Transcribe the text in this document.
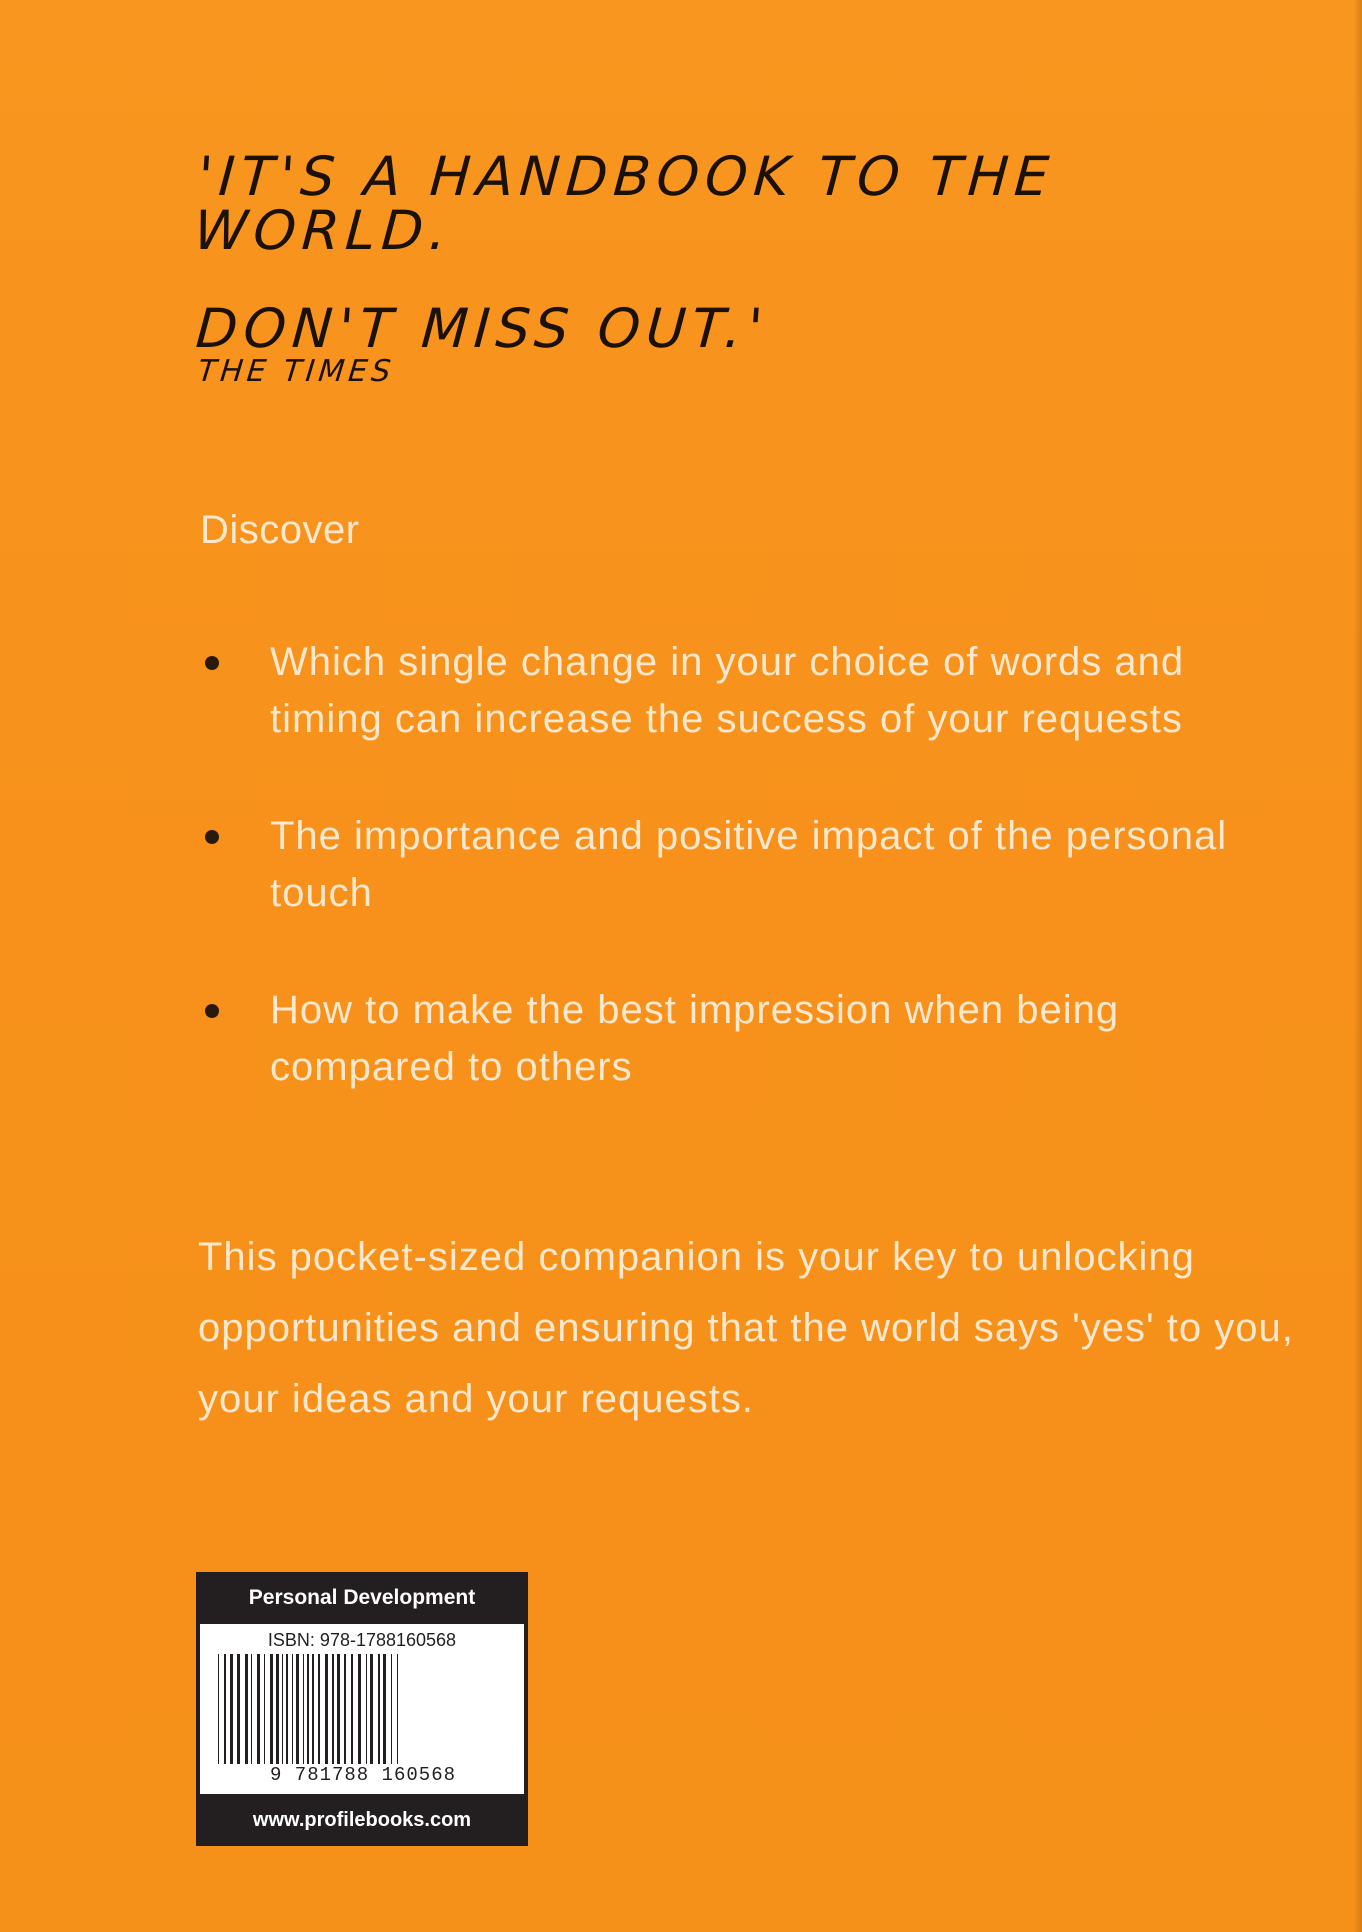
'IT'S A HANDBOOK TO THE WORLD.
DON'T MISS OUT.'
THE TIMES
Discover
Which single change in your choice of words and timing can increase the success of your requests
The importance and positive impact of the personal touch
How to make the best impression when being compared to others
This pocket-sized companion is your key to unlocking opportunities and ensuring that the world says 'yes' to you, your ideas and your requests.
Personal Development
ISBN: 978-1788160568
9 781788 160568
www.profilebooks.com
